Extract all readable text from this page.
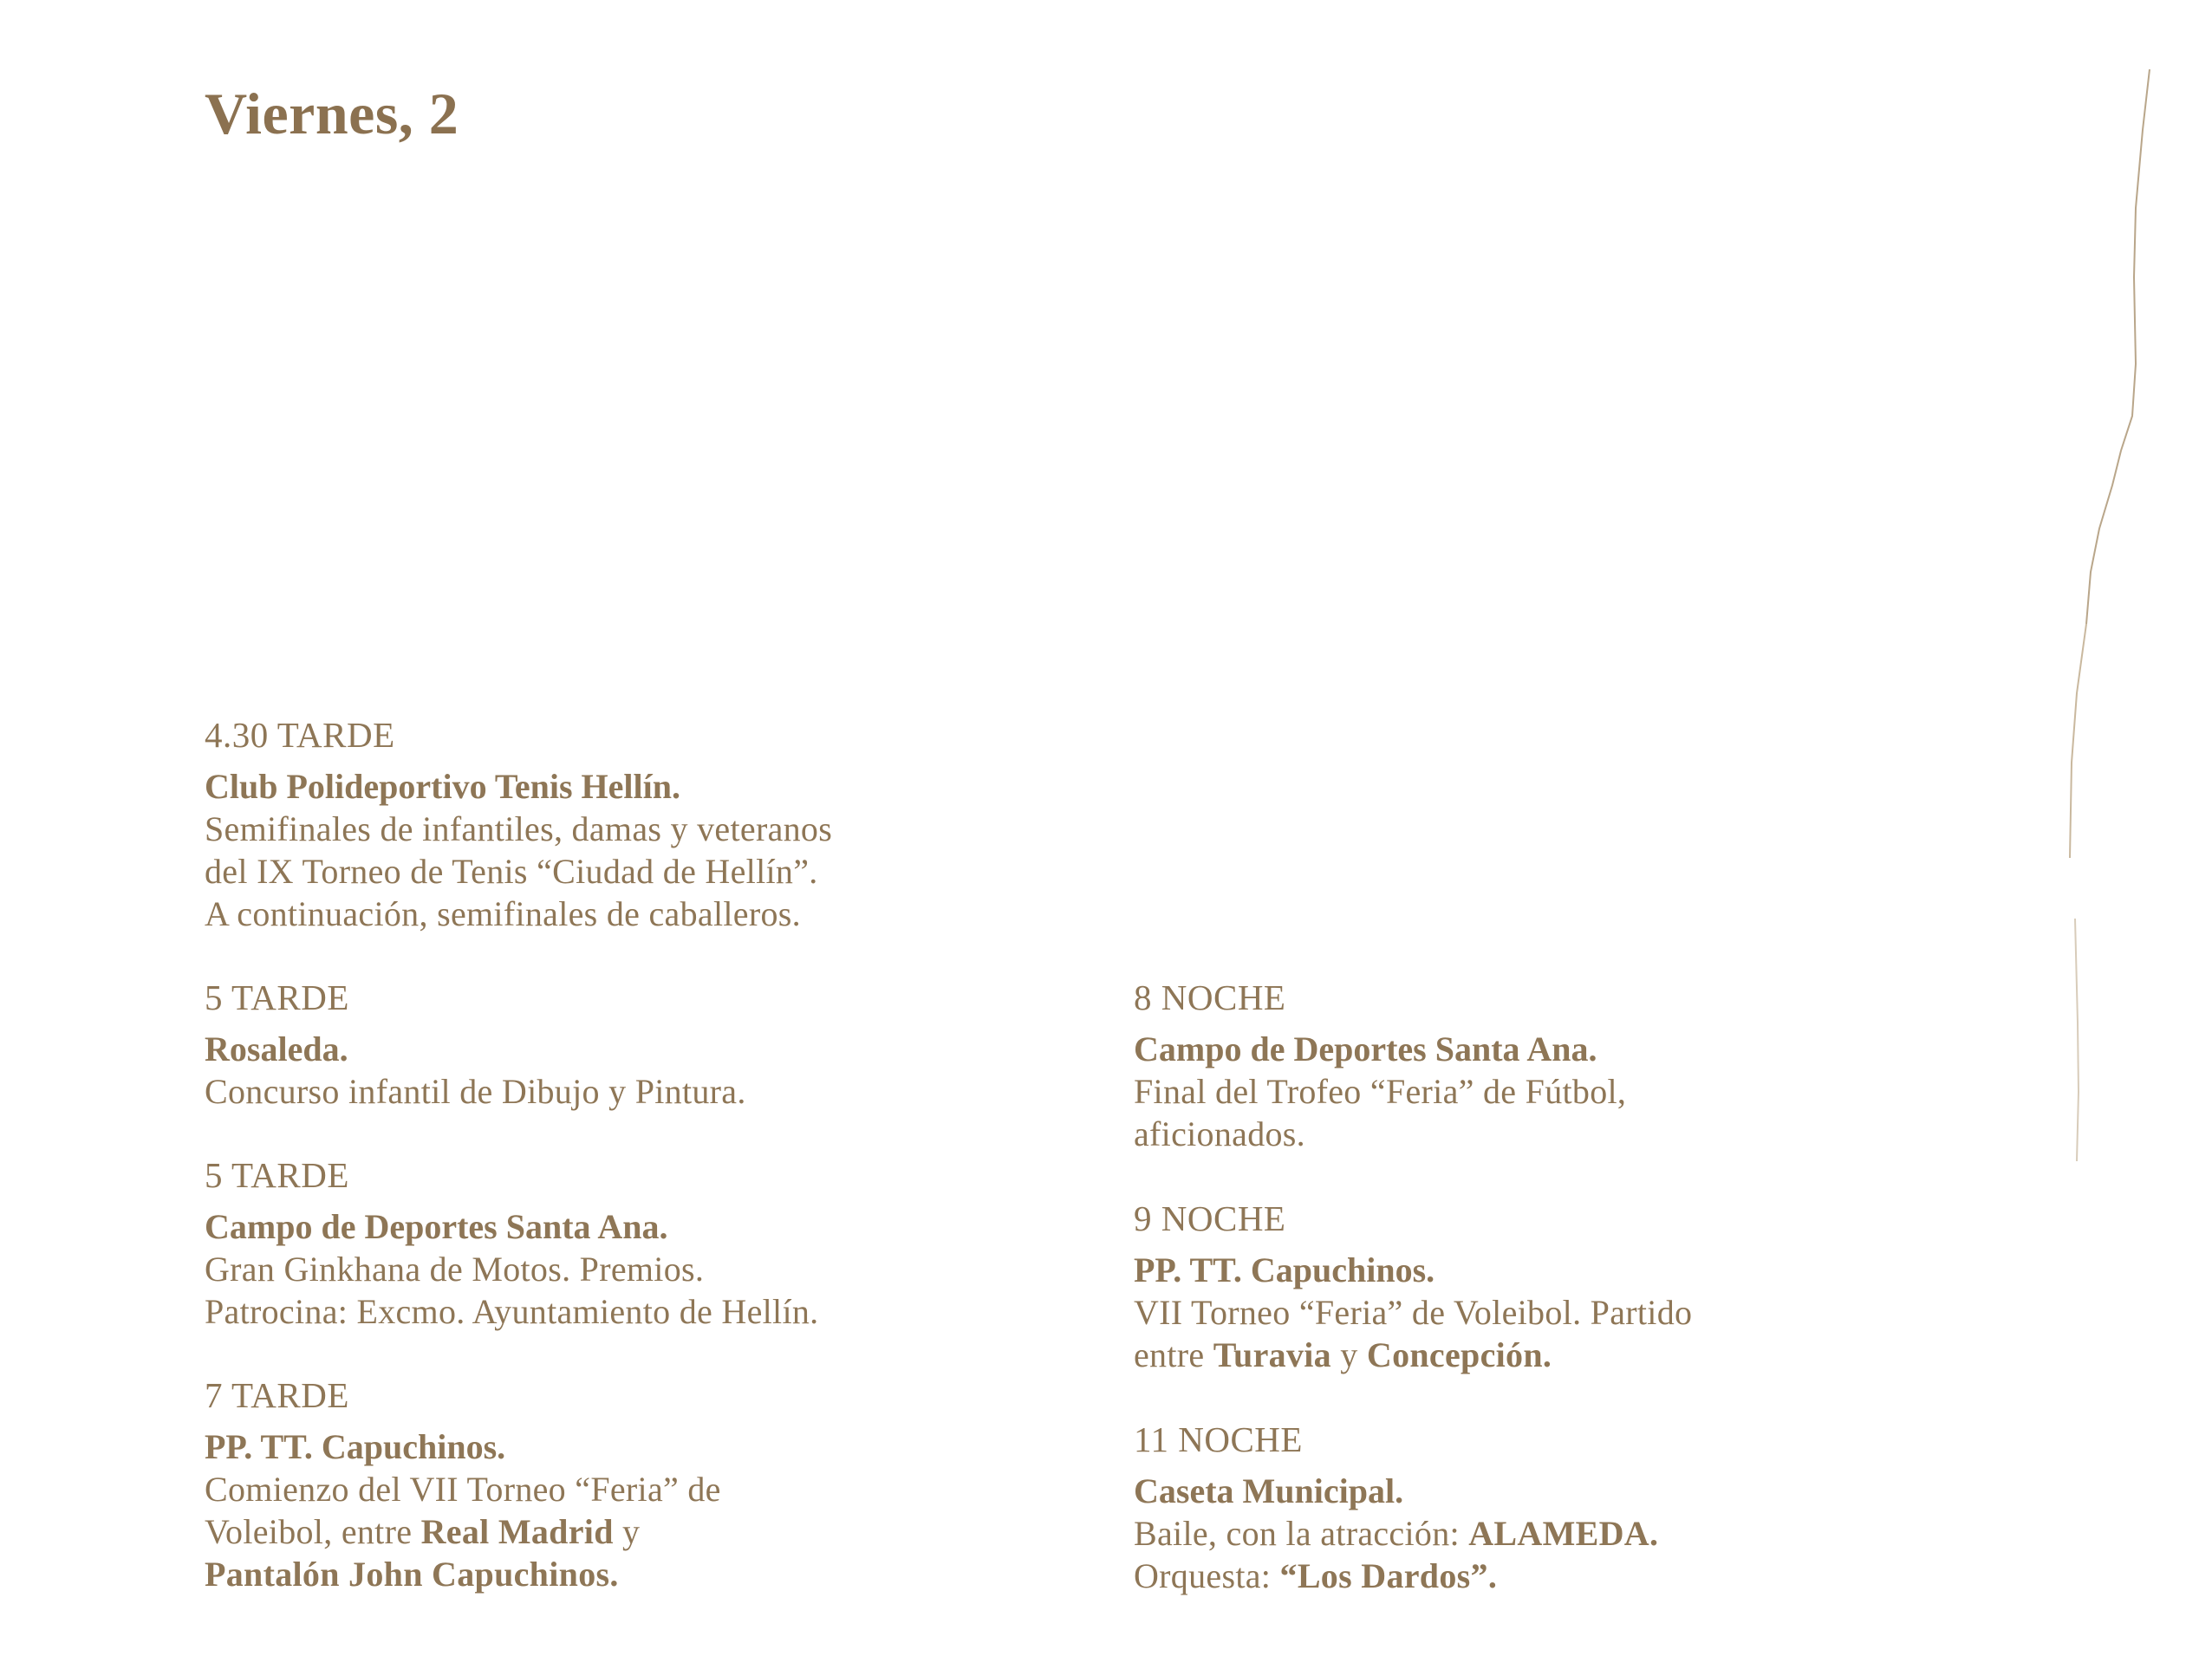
Viernes, 2

4.30 TARDE

Club Polideportivo Tenis Hellín.

Semifinales de infantiles, damas y veteranos

del IX Torneo de Tenis “Ciudad de Hellín”.

A continuación, semifinales de caballeros.

5 TARDE

Rosaleda.

Concurso infantil de Dibujo y Pintura.

5 TARDE

Campo de Deportes Santa Ana.

Gran Ginkhana de Motos. Premios.

Patrocina: Excmo. Ayuntamiento de Hellín.

7 TARDE

PP. TT. Capuchinos.

Comienzo del VII Torneo “Feria” de

Voleibol, entre Real Madrid y

Pantalón John Capuchinos.

8 NOCHE

Campo de Deportes Santa Ana.

Final del Trofeo “Feria” de Fútbol,

aficionados.

9 NOCHE

PP. TT. Capuchinos.

VII Torneo “Feria” de Voleibol. Partido

entre Turavia y Concepción.

11 NOCHE

Caseta Municipal.

Baile, con la atracción: ALAMEDA.

Orquesta: “Los Dardos”.
